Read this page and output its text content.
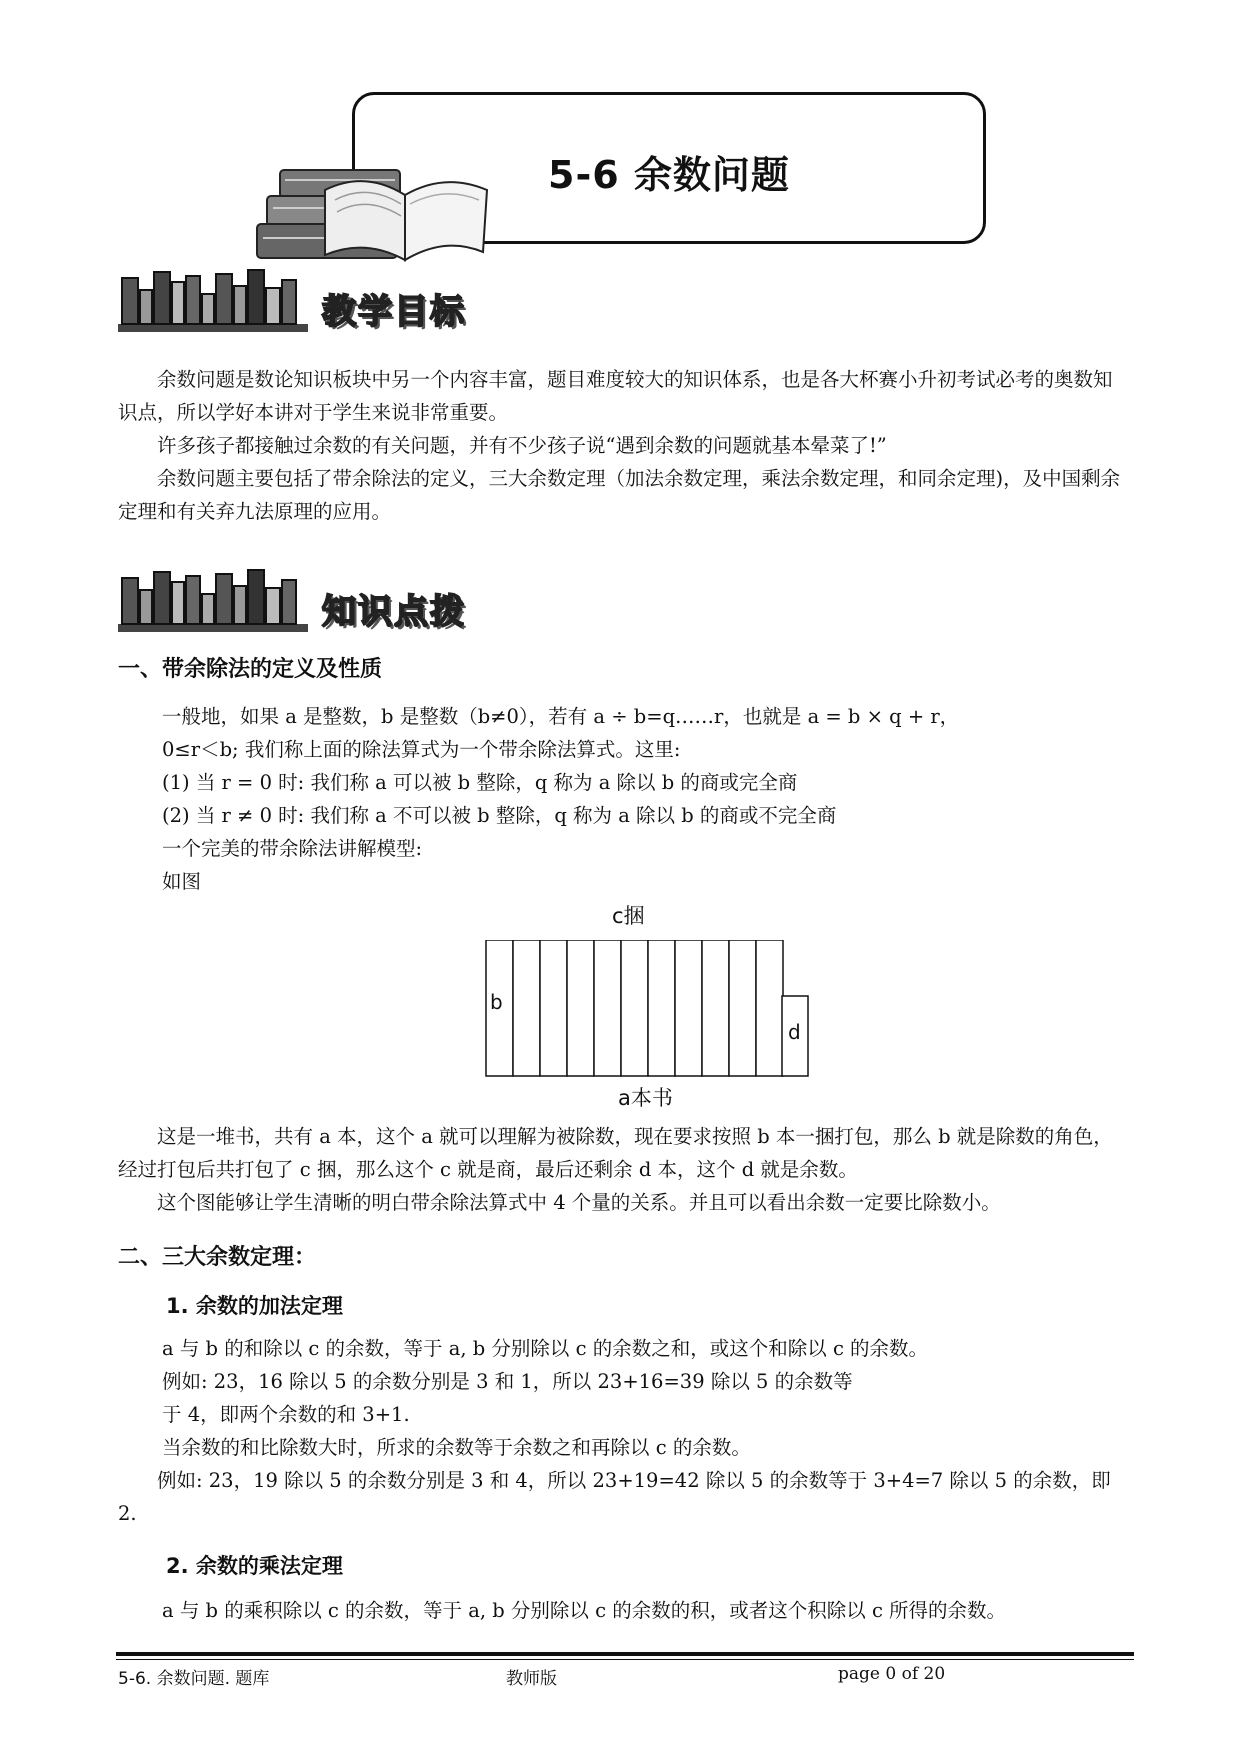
5-6 余数问题
教学目标
余数问题是数论知识板块中另一个内容丰富，题目难度较大的知识体系，也是各大杯赛小升初考试必考的奥数知识点，所以学好本讲对于学生来说非常重要。
许多孩子都接触过余数的有关问题，并有不少孩子说“遇到余数的问题就基本晕菜了!”
余数问题主要包括了带余除法的定义，三大余数定理（加法余数定理，乘法余数定理，和同余定理)，及中国剩余定理和有关弃九法原理的应用。
知识点拨
一、带余除法的定义及性质
一般地，如果 a 是整数，b 是整数（b≠0），若有 a ÷ b=q……r，也就是 a = b × q + r，
0≤r＜b; 我们称上面的除法算式为一个带余除法算式。这里:
(1) 当 r = 0 时: 我们称 a 可以被 b 整除，q 称为 a 除以 b 的商或完全商
(2) 当 r ≠ 0 时: 我们称 a 不可以被 b 整除，q 称为 a 除以 b 的商或不完全商
一个完美的带余除法讲解模型:
如图
c捆
b
d
a本书
这是一堆书，共有 a 本，这个 a 就可以理解为被除数，现在要求按照 b 本一捆打包，那么 b 就是除数的角色，经过打包后共打包了 c 捆，那么这个 c 就是商，最后还剩余 d 本，这个 d 就是余数。
这个图能够让学生清晰的明白带余除法算式中 4 个量的关系。并且可以看出余数一定要比除数小。
二、三大余数定理：
1. 余数的加法定理
a 与 b 的和除以 c 的余数，等于 a, b 分别除以 c 的余数之和，或这个和除以 c 的余数。
例如: 23，16 除以 5 的余数分别是 3 和 1，所以 23+16=39 除以 5 的余数等
于 4，即两个余数的和 3+1.
当余数的和比除数大时，所求的余数等于余数之和再除以 c 的余数。
例如: 23，19 除以 5 的余数分别是 3 和 4，所以 23+19=42 除以 5 的余数等于 3+4=7 除以 5 的余数，即 2.
2. 余数的乘法定理
a 与 b 的乘积除以 c 的余数，等于 a, b 分别除以 c 的余数的积，或者这个积除以 c 所得的余数。
5-6. 余数问题. 题库	教师版	page 0 of 20
